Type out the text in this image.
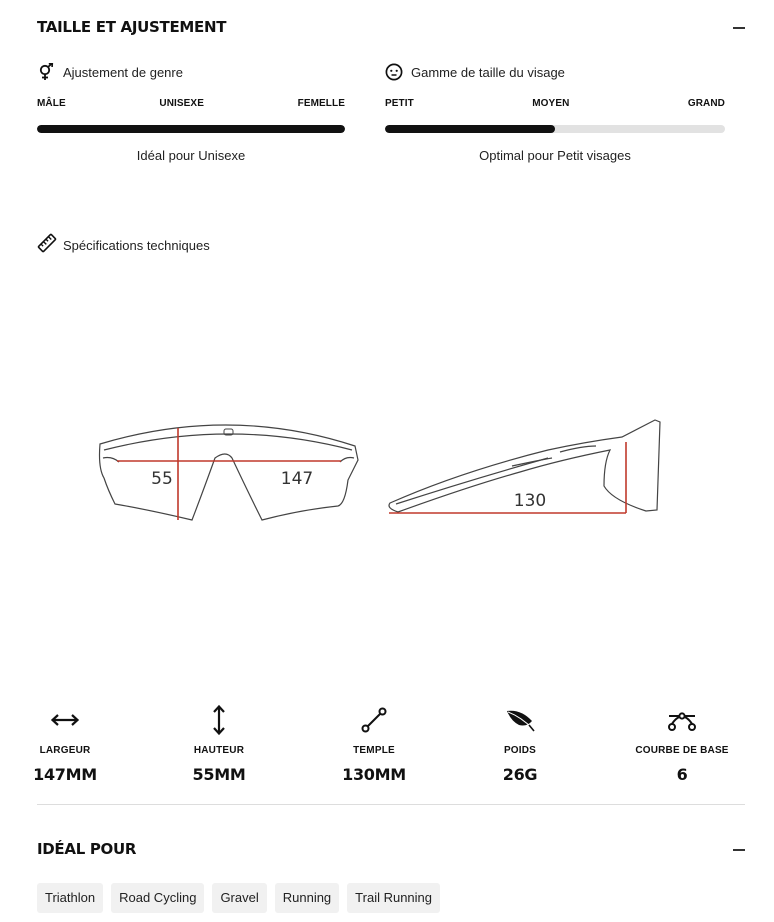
TAILLE ET AJUSTEMENT
Ajustement de genre
MÂLE	UNISEXE	FEMELLE
Idéal pour Unisexe
Gamme de taille du visage
PETIT	MOYEN	GRAND
Optimal pour Petit visages
Spécifications techniques
55	147
130
LARGEUR
147MM
HAUTEUR
55MM
TEMPLE
130MM
POIDS
26G
COURBE DE BASE
6
IDÉAL POUR
Triathlon	Road Cycling	Gravel	Running	Trail Running
